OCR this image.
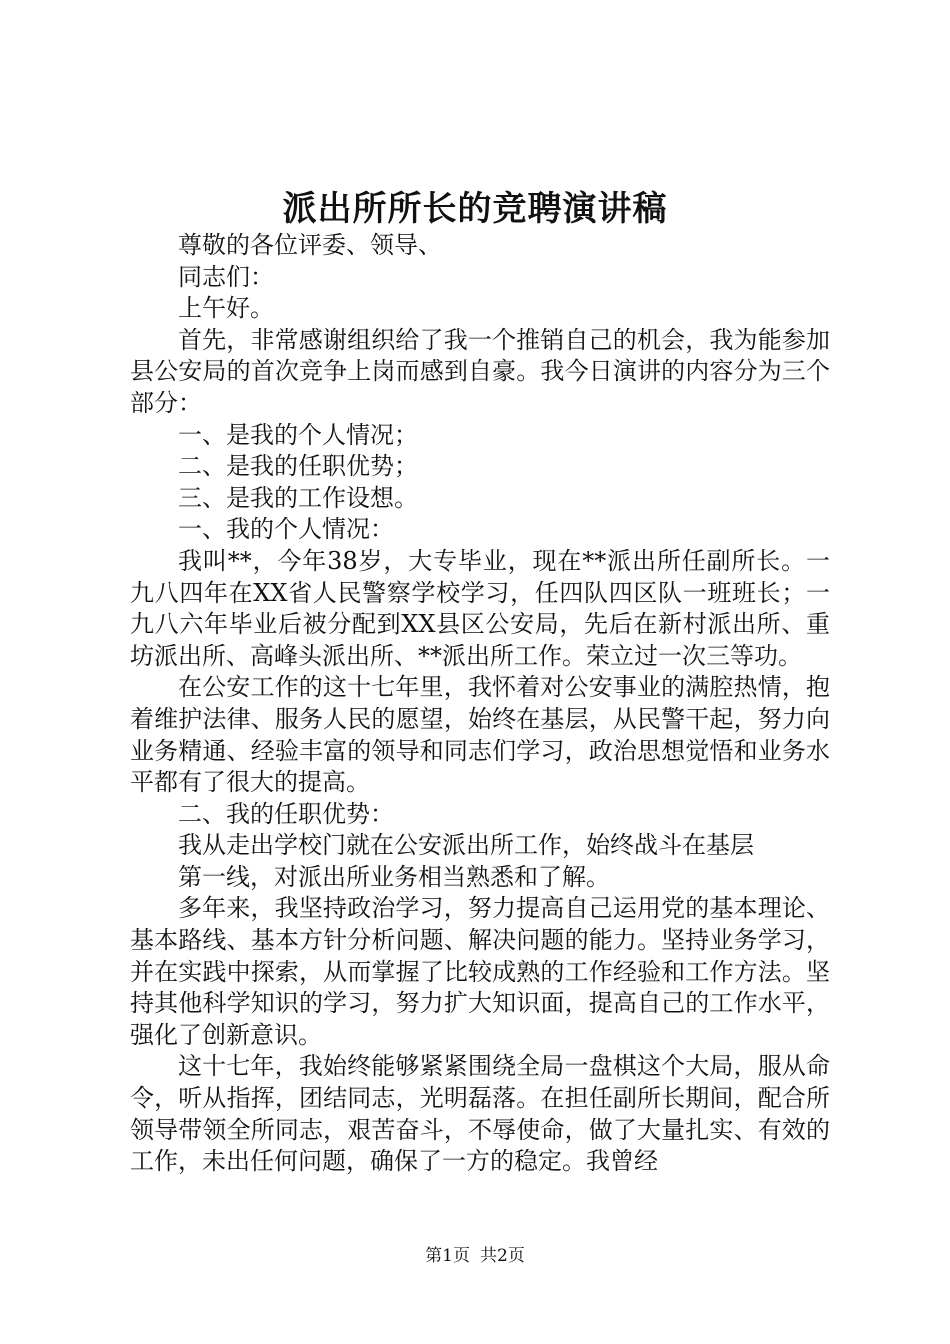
派出所所长的竞聘演讲稿

尊敬的各位评委、领导、

同志们：

上午好。

首先，非常感谢组织给了我一个推销自己的机会，我为能参加县公安局的首次竞争上岗而感到自豪。我今日演讲的内容分为三个部分：

一、是我的个人情况；

二、是我的任职优势；

三、是我的工作设想。

一、我的个人情况：

我叫**，今年38岁，大专毕业，现在**派出所任副所长。一九八四年在XX省人民警察学校学习，任四队四区队一班班长；一九八六年毕业后被分配到XX县区公安局，先后在新村派出所、重坊派出所、高峰头派出所、**派出所工作。荣立过一次三等功。

在公安工作的这十七年里，我怀着对公安事业的满腔热情，抱着维护法律、服务人民的愿望，始终在基层，从民警干起，努力向业务精通、经验丰富的领导和同志们学习，政治思想觉悟和业务水平都有了很大的提高。

二、我的任职优势：

我从走出学校门就在公安派出所工作，始终战斗在基层

第一线，对派出所业务相当熟悉和了解。

多年来，我坚持政治学习，努力提高自己运用党的基本理论、基本路线、基本方针分析问题、解决问题的能力。坚持业务学习，并在实践中探索，从而掌握了比较成熟的工作经验和工作方法。坚持其他科学知识的学习，努力扩大知识面，提高自己的工作水平，强化了创新意识。

这十七年，我始终能够紧紧围绕全局一盘棋这个大局，服从命令，听从指挥，团结同志，光明磊落。在担任副所长期间，配合所领导带领全所同志，艰苦奋斗，不辱使命，做了大量扎实、有效的工作，未出任何问题，确保了一方的稳定。我曾经

第1页 共2页
